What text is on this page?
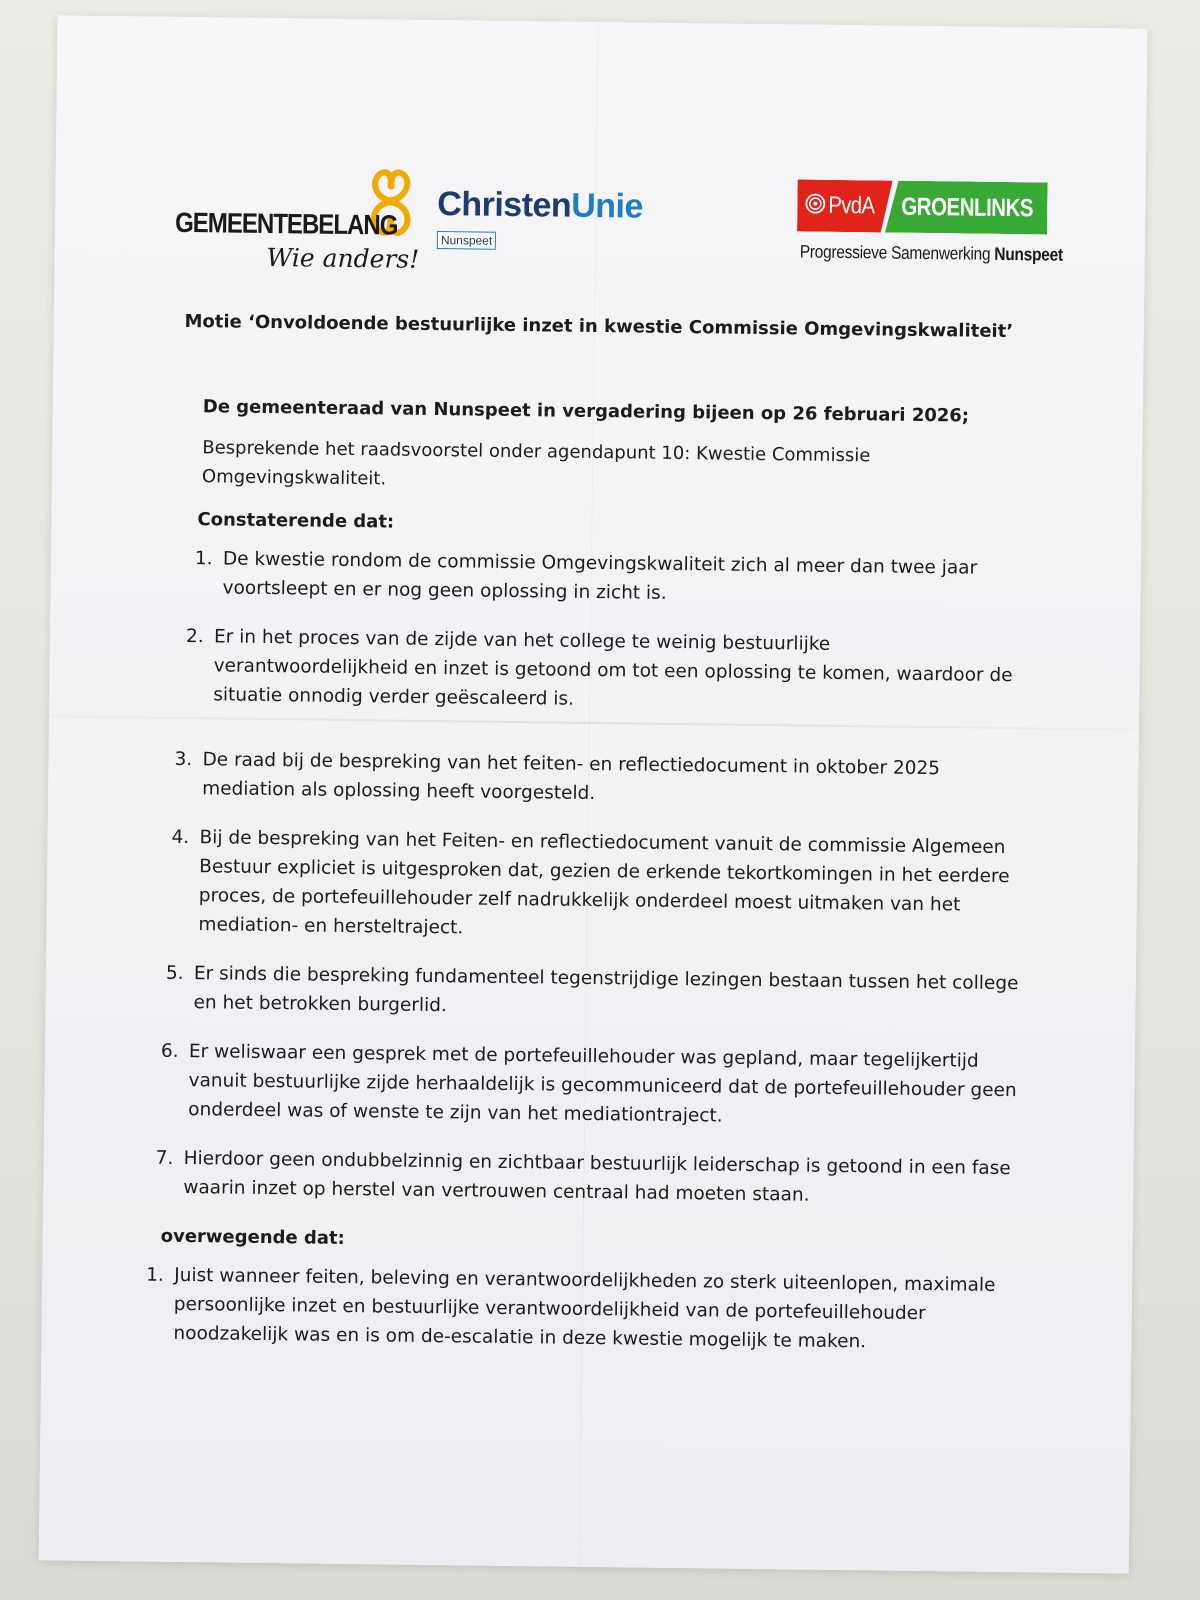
GEMEENTEBELANG
Wie anders!
ChristenUnie
Nunspeet
PvdA GROENLINKS
Progressieve Samenwerking Nunspeet
Motie ‘Onvoldoende bestuurlijke inzet in kwestie Commissie Omgevingskwaliteit’
De gemeenteraad van Nunspeet in vergadering bijeen op 26 februari 2026;
Besprekende het raadsvoorstel onder agendapunt 10: Kwestie Commissie Omgevingskwaliteit.
Constaterende dat:
1. De kwestie rondom de commissie Omgevingskwaliteit zich al meer dan twee jaar voortsleept en er nog geen oplossing in zicht is.
2. Er in het proces van de zijde van het college te weinig bestuurlijke verantwoordelijkheid en inzet is getoond om tot een oplossing te komen, waardoor de situatie onnodig verder geëscaleerd is.
3. De raad bij de bespreking van het feiten- en reflectiedocument in oktober 2025 mediation als oplossing heeft voorgesteld.
4. Bij de bespreking van het Feiten- en reflectiedocument vanuit de commissie Algemeen Bestuur expliciet is uitgesproken dat, gezien de erkende tekortkomingen in het eerdere proces, de portefeuillehouder zelf nadrukkelijk onderdeel moest uitmaken van het mediation- en hersteltraject.
5. Er sinds die bespreking fundamenteel tegenstrijdige lezingen bestaan tussen het college en het betrokken burgerlid.
6. Er weliswaar een gesprek met de portefeuillehouder was gepland, maar tegelijkertijd vanuit bestuurlijke zijde herhaaldelijk is gecommuniceerd dat de portefeuillehouder geen onderdeel was of wenste te zijn van het mediationtraject.
7. Hierdoor geen ondubbelzinnig en zichtbaar bestuurlijk leiderschap is getoond in een fase waarin inzet op herstel van vertrouwen centraal had moeten staan.
overwegende dat:
1. Juist wanneer feiten, beleving en verantwoordelijkheden zo sterk uiteenlopen, maximale persoonlijke inzet en bestuurlijke verantwoordelijkheid van de portefeuillehouder noodzakelijk was en is om de-escalatie in deze kwestie mogelijk te maken.
